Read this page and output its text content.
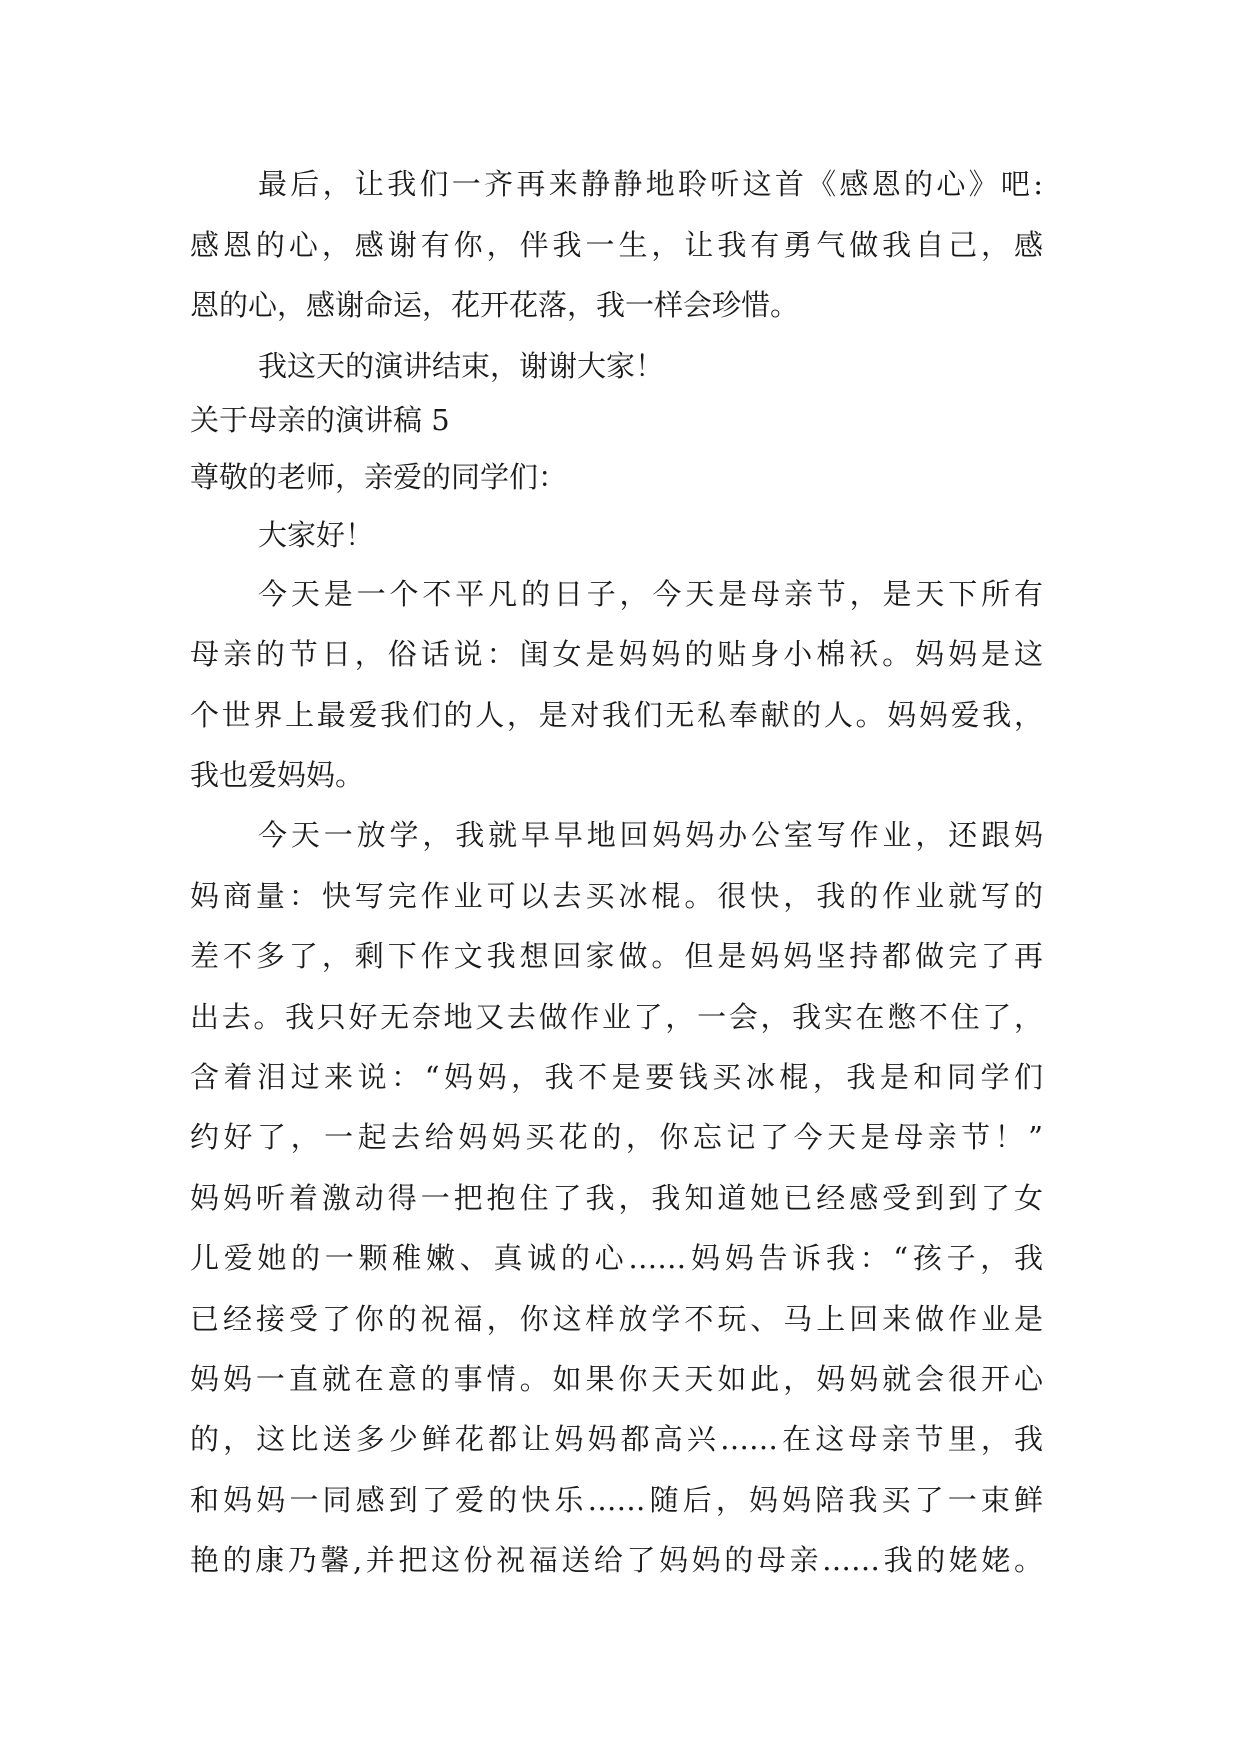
最后，让我们一齐再来静静地聆听这首《感恩的心》吧:
感恩的心，感谢有你，伴我一生，让我有勇气做我自己，感
恩的心，感谢命运，花开花落，我一样会珍惜。
我这天的演讲结束，谢谢大家！
关于母亲的演讲稿 5
尊敬的老师，亲爱的同学们：
大家好！
今天是一个不平凡的日子，今天是母亲节，是天下所有
母亲的节日，俗话说：闺女是妈妈的贴身小棉袄。妈妈是这
个世界上最爱我们的人，是对我们无私奉献的人。妈妈爱我，
我也爱妈妈。
今天一放学，我就早早地回妈妈办公室写作业，还跟妈
妈商量：快写完作业可以去买冰棍。很快，我的作业就写的
差不多了，剩下作文我想回家做。但是妈妈坚持都做完了再
出去。我只好无奈地又去做作业了，一会，我实在憋不住了，
含着泪过来说：“妈妈，我不是要钱买冰棍，我是和同学们
约好了，一起去给妈妈买花的，你忘记了今天是母亲节！”
妈妈听着激动得一把抱住了我，我知道她已经感受到到了女
儿爱她的一颗稚嫩、真诚的心……妈妈告诉我：“孩子，我
已经接受了你的祝福，你这样放学不玩、马上回来做作业是
妈妈一直就在意的事情。如果你天天如此，妈妈就会很开心
的，这比送多少鲜花都让妈妈都高兴……在这母亲节里，我
和妈妈一同感到了爱的快乐……随后，妈妈陪我买了一束鲜
艳的康乃馨,并把这份祝福送给了妈妈的母亲……我的姥姥。
